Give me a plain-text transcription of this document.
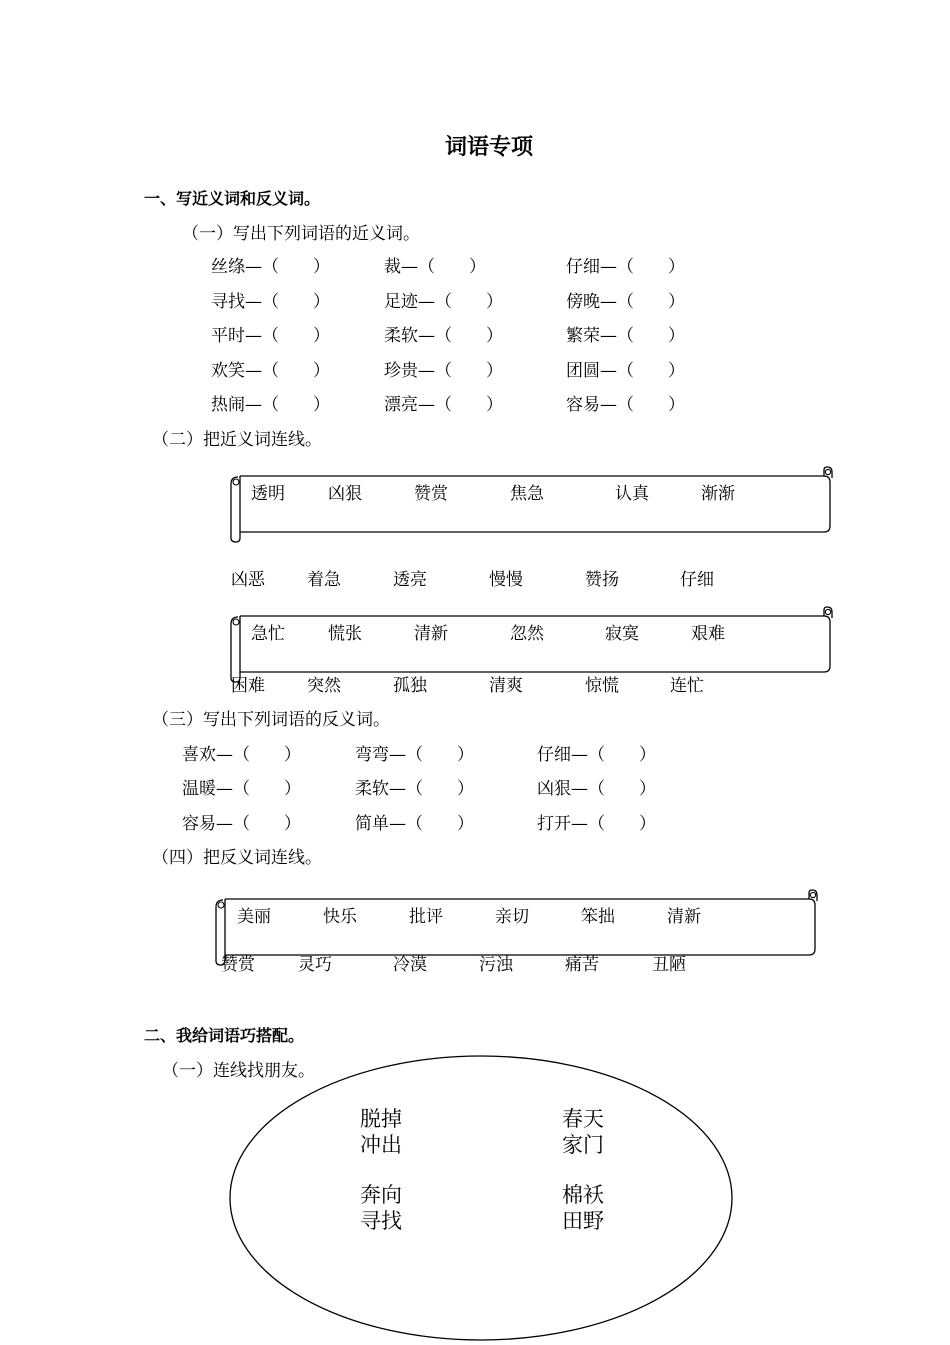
词语专项
一、写近义词和反义词。
（一）写出下列词语的近义词。
丝绦—（　　）	裁—（　　）	仔细—（　　）
寻找—（　　）	足迹—（　　）	傍晚—（　　）
平时—（　　）	柔软—（　　）	繁荣—（　　）
欢笑—（　　）	珍贵—（　　）	团圆—（　　）
热闹—（　　）	漂亮—（　　）	容易—（　　）
（二）把近义词连线。
透明	凶狠	赞赏	焦急	认真	渐渐
凶恶 着急	透亮	慢慢	赞扬	仔细
急忙	慌张	清新	忽然	寂寞	艰难
困难 突然	孤独	清爽	惊慌	连忙
（三）写出下列词语的反义词。
喜欢—（　　）	弯弯—（　　）	仔细—（　　）
温暖—（　　）	柔软—（　　）	凶狠—（　　）
容易—（　　）	简单—（　　）	打开—（　　）
（四）把反义词连线。
美丽	快乐	批评	亲切	笨拙	清新
赞赏	灵巧	冷漠	污浊	痛苦	丑陋
二、我给词语巧搭配。
（一）连线找朋友。
脱掉
冲出
奔向
寻找
春天
家门
棉袄
田野
